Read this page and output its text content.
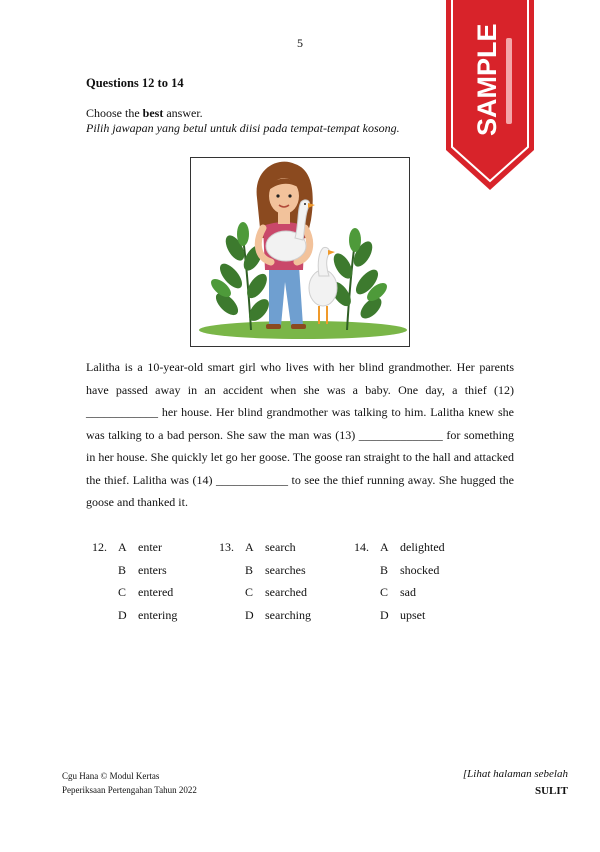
5	SAMPLE
Questions 12 to 14
Choose the best answer.
Pilih jawapan yang betul untuk diisi pada tempat-tempat kosong.
Lalitha is a 10-year-old smart girl who lives with her blind grandmother. Her parents have passed away in an accident when she was a baby. One day, a thief (12) ____________ her house. Her blind grandmother was talking to him. Lalitha knew she was talking to a bad person. She saw the man was (13) ______________ for something in her house. She quickly let go her goose. The goose ran straight to the hall and attacked the thief. Lalitha was (14) ____________ to see the thief running away. She hugged the goose and thanked it.
12. A enter
B enters
C entered
D entering
13. A search
B searches
C searched
D searching
14. A delighted
B shocked
C sad
D upset
Cgu Hana © Modul Kertas
Peperiksaan Pertengahan Tahun 2022
[Lihat halaman sebelah
SULIT
